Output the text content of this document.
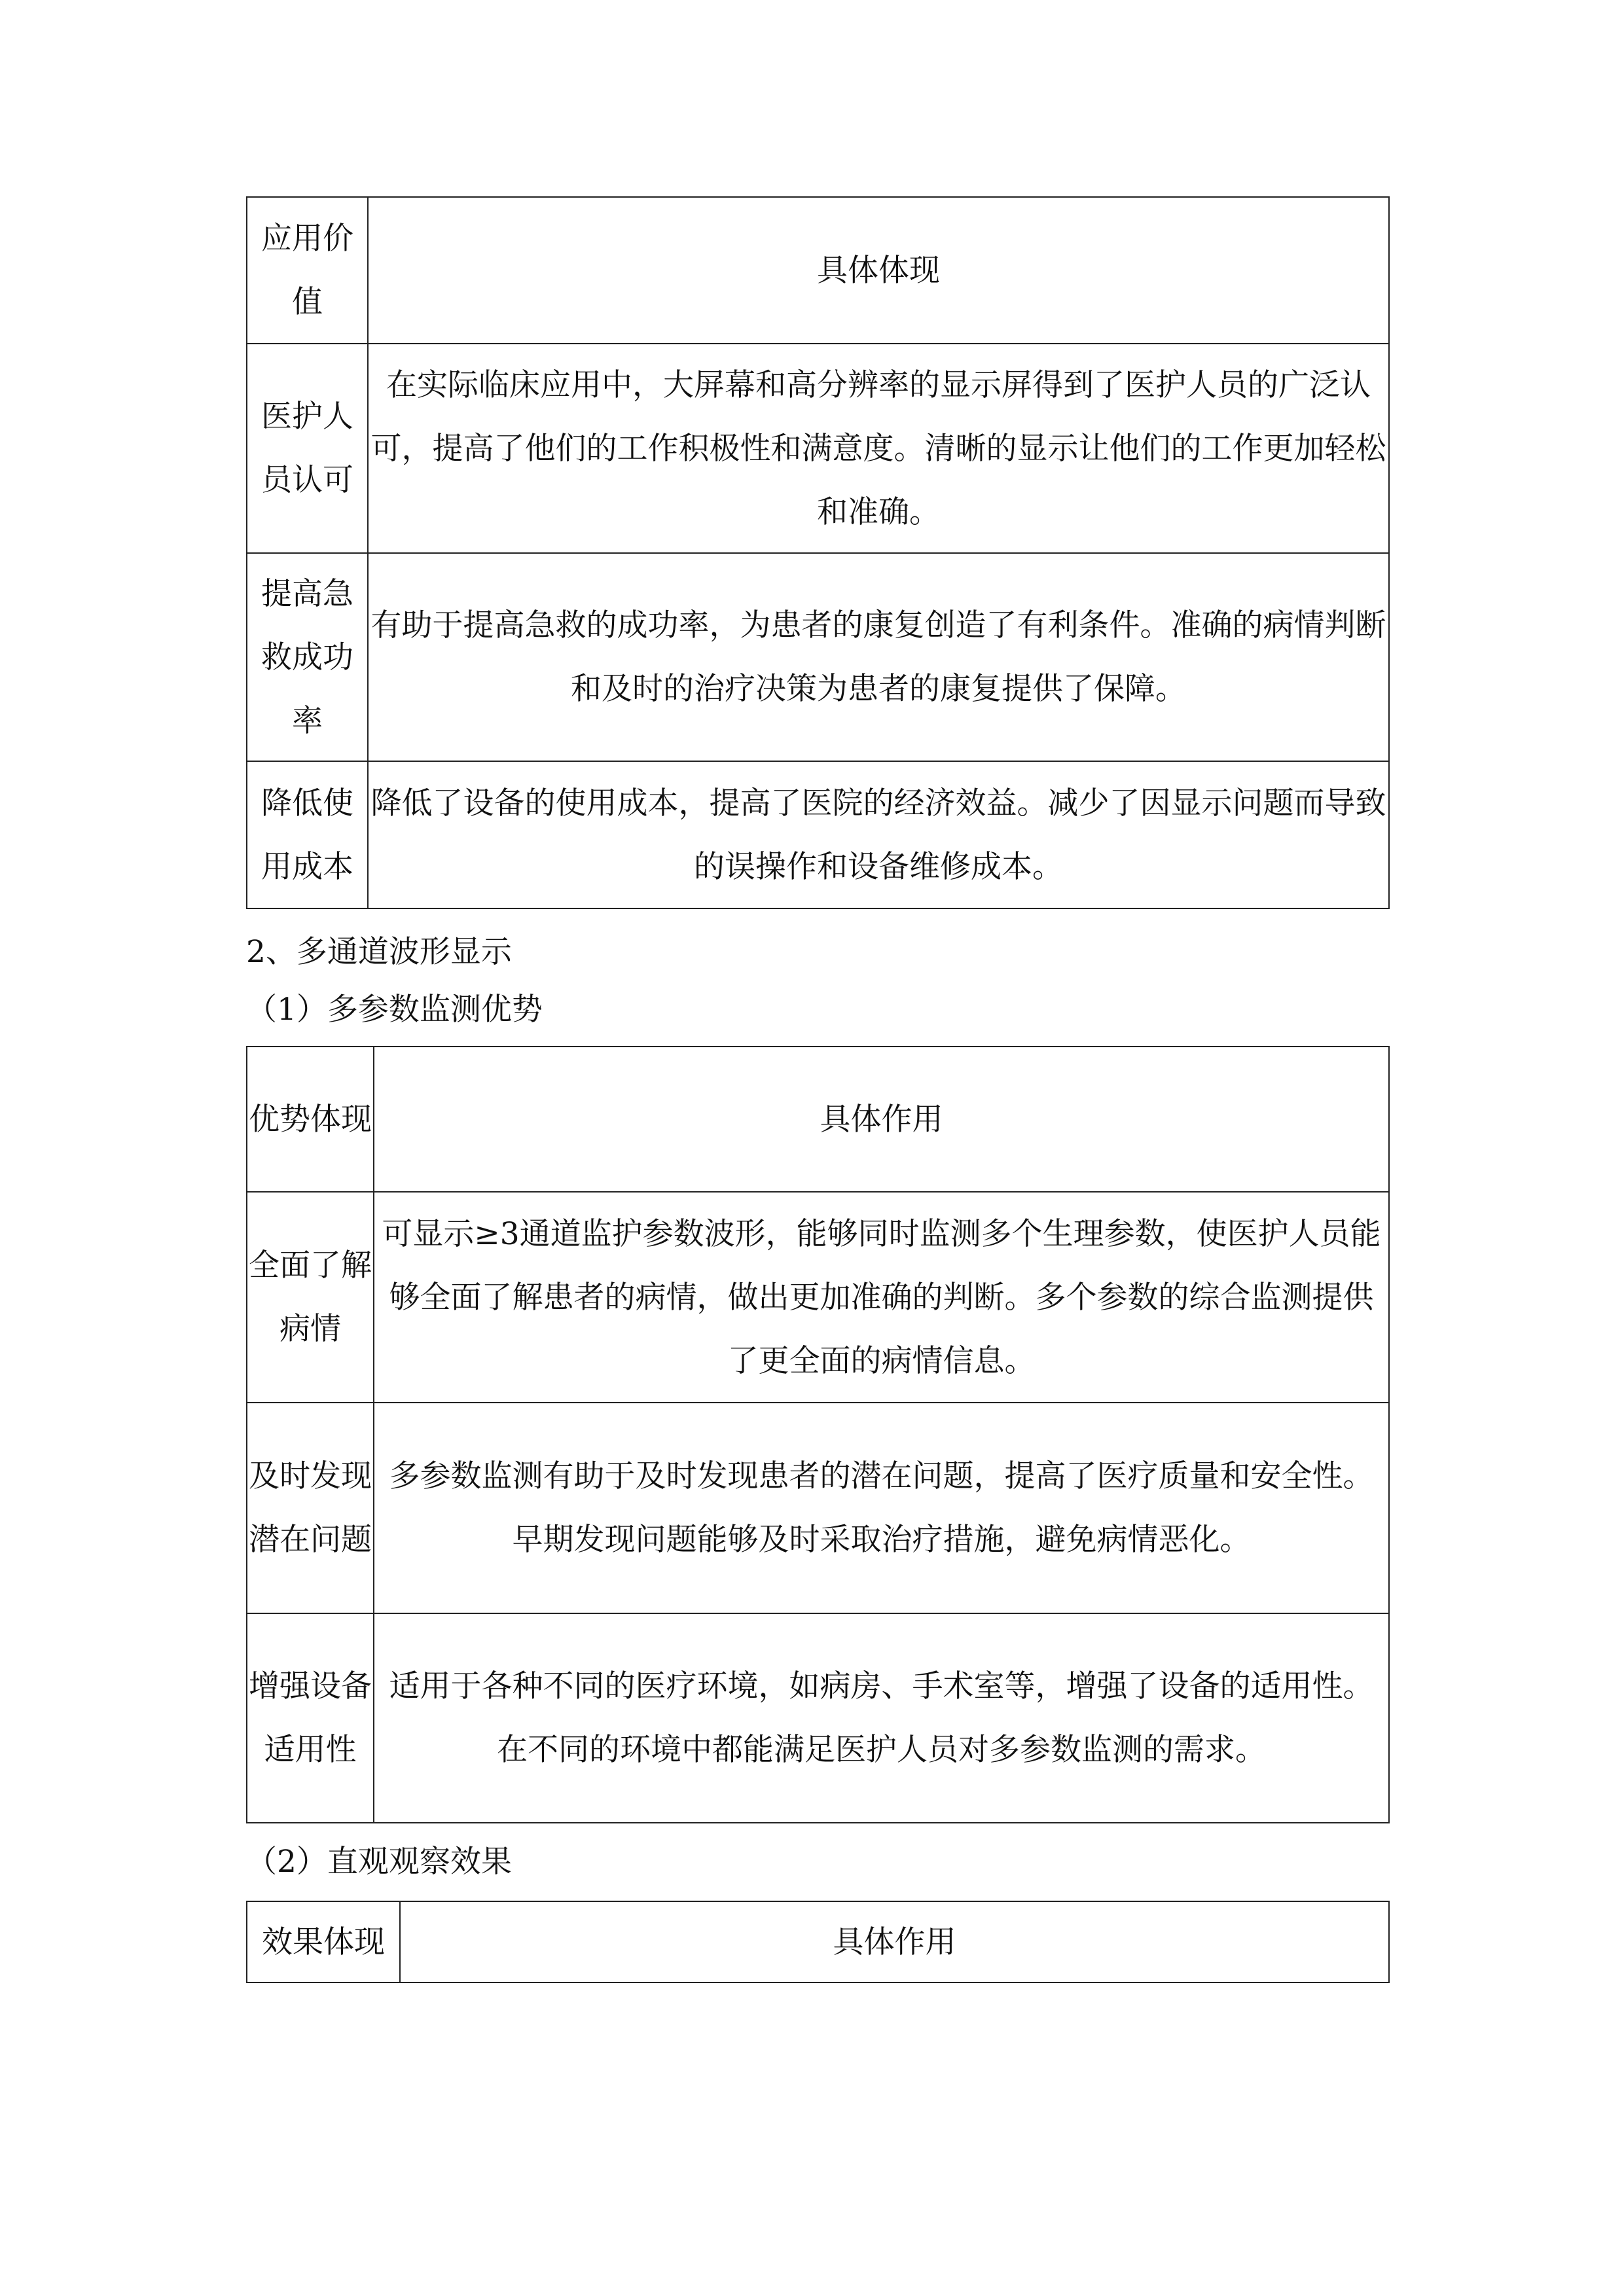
应用价值	具体体现
医护人员认可	在实际临床应用中，大屏幕和高分辨率的显示屏得到了医护人员的广泛认可，提高了他们的工作积极性和满意度。清晰的显示让他们的工作更加轻松和准确。
提高急救成功率	有助于提高急救的成功率，为患者的康复创造了有利条件。准确的病情判断和及时的治疗决策为患者的康复提供了保障。
降低使用成本	降低了设备的使用成本，提高了医院的经济效益。减少了因显示问题而导致的误操作和设备维修成本。
2、多通道波形显示
（1）多参数监测优势
优势体现	具体作用
全面了解病情	可显示≥3通道监护参数波形，能够同时监测多个生理参数，使医护人员能够全面了解患者的病情，做出更加准确的判断。多个参数的综合监测提供了更全面的病情信息。
及时发现潜在问题	多参数监测有助于及时发现患者的潜在问题，提高了医疗质量和安全性。早期发现问题能够及时采取治疗措施，避免病情恶化。
增强设备适用性	适用于各种不同的医疗环境，如病房、手术室等，增强了设备的适用性。在不同的环境中都能满足医护人员对多参数监测的需求。
（2）直观观察效果
效果体现	具体作用
